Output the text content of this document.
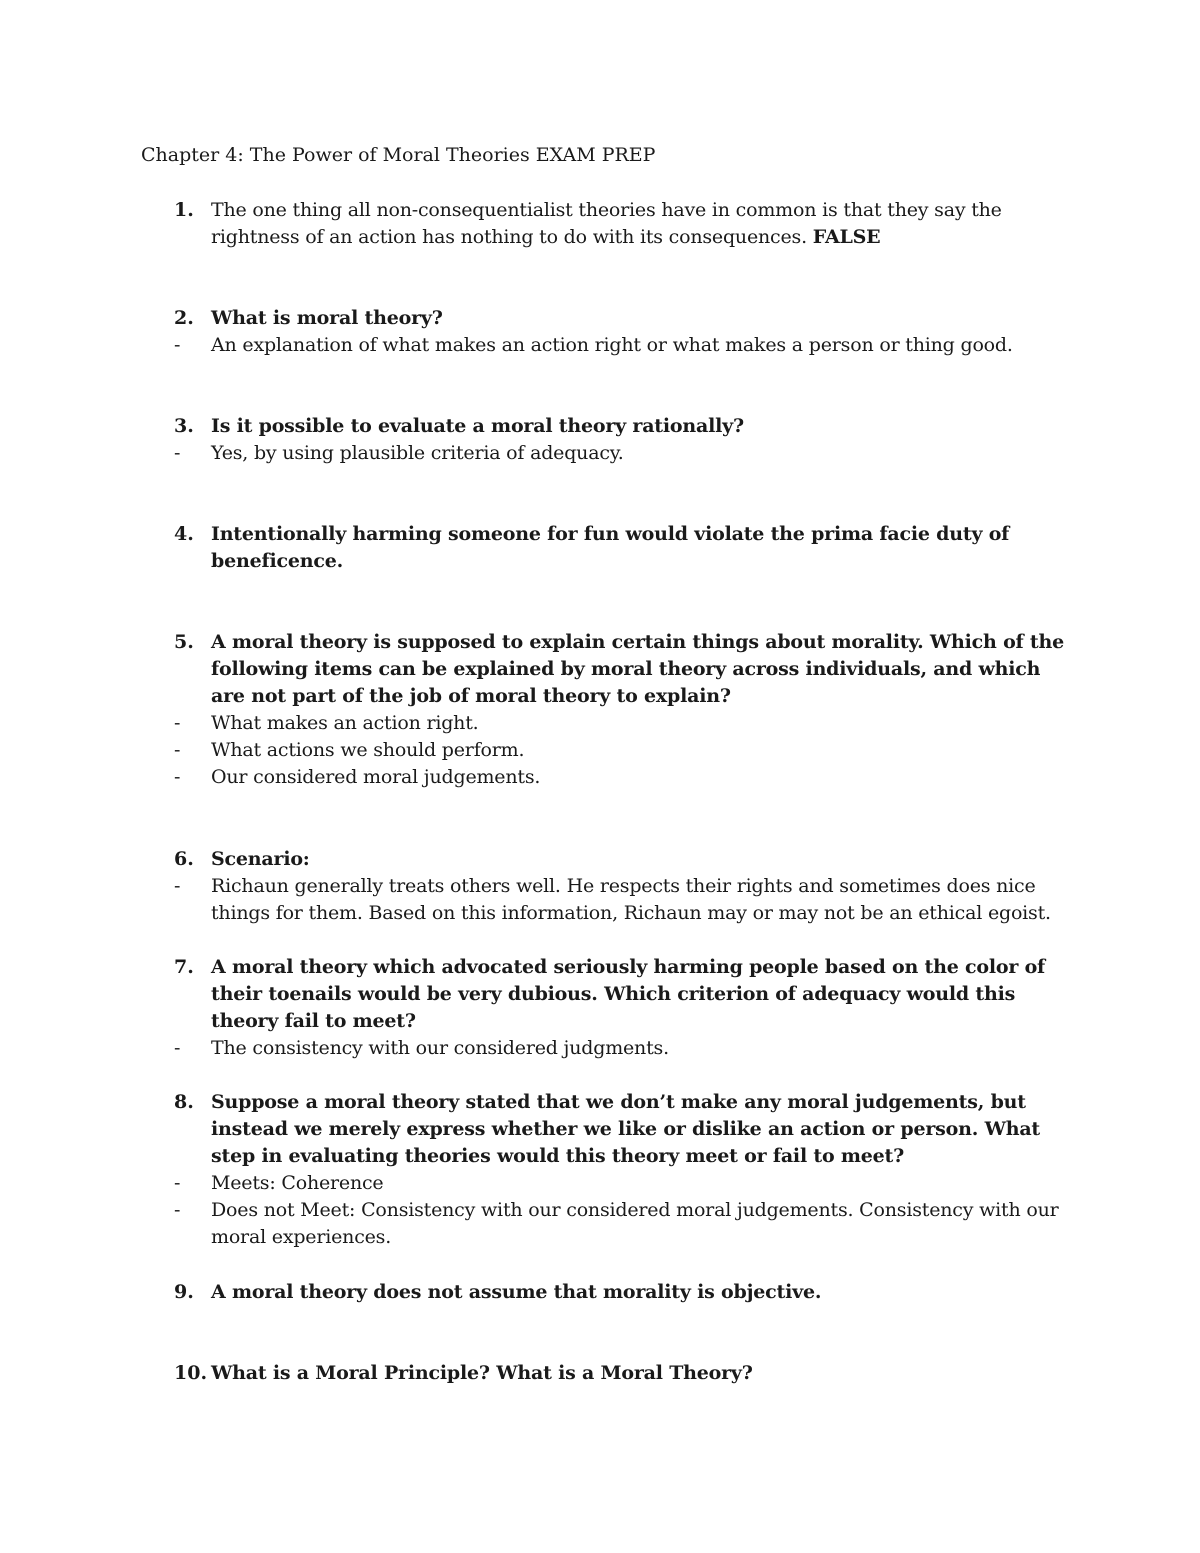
Chapter 4: The Power of Moral Theories EXAM PREP
1. The one thing all non-consequentialist theories have in common is that they say the rightness of an action has nothing to do with its consequences. FALSE
2. What is moral theory?
-	An explanation of what makes an action right or what makes a person or thing good.
3. Is it possible to evaluate a moral theory rationally?
-	Yes, by using plausible criteria of adequacy.
4. Intentionally harming someone for fun would violate the prima facie duty of beneficence.
5. A moral theory is supposed to explain certain things about morality. Which of the following items can be explained by moral theory across individuals, and which are not part of the job of moral theory to explain?
-	What makes an action right.
-	What actions we should perform.
-	Our considered moral judgements.
6. Scenario:
-	Richaun generally treats others well. He respects their rights and sometimes does nice things for them. Based on this information, Richaun may or may not be an ethical egoist.
7. A moral theory which advocated seriously harming people based on the color of their toenails would be very dubious. Which criterion of adequacy would this theory fail to meet?
-	The consistency with our considered judgments.
8. Suppose a moral theory stated that we don’t make any moral judgements, but instead we merely express whether we like or dislike an action or person. What step in evaluating theories would this theory meet or fail to meet?
-	Meets: Coherence
-	Does not Meet: Consistency with our considered moral judgements. Consistency with our moral experiences.
9. A moral theory does not assume that morality is objective.
10. What is a Moral Principle? What is a Moral Theory?
